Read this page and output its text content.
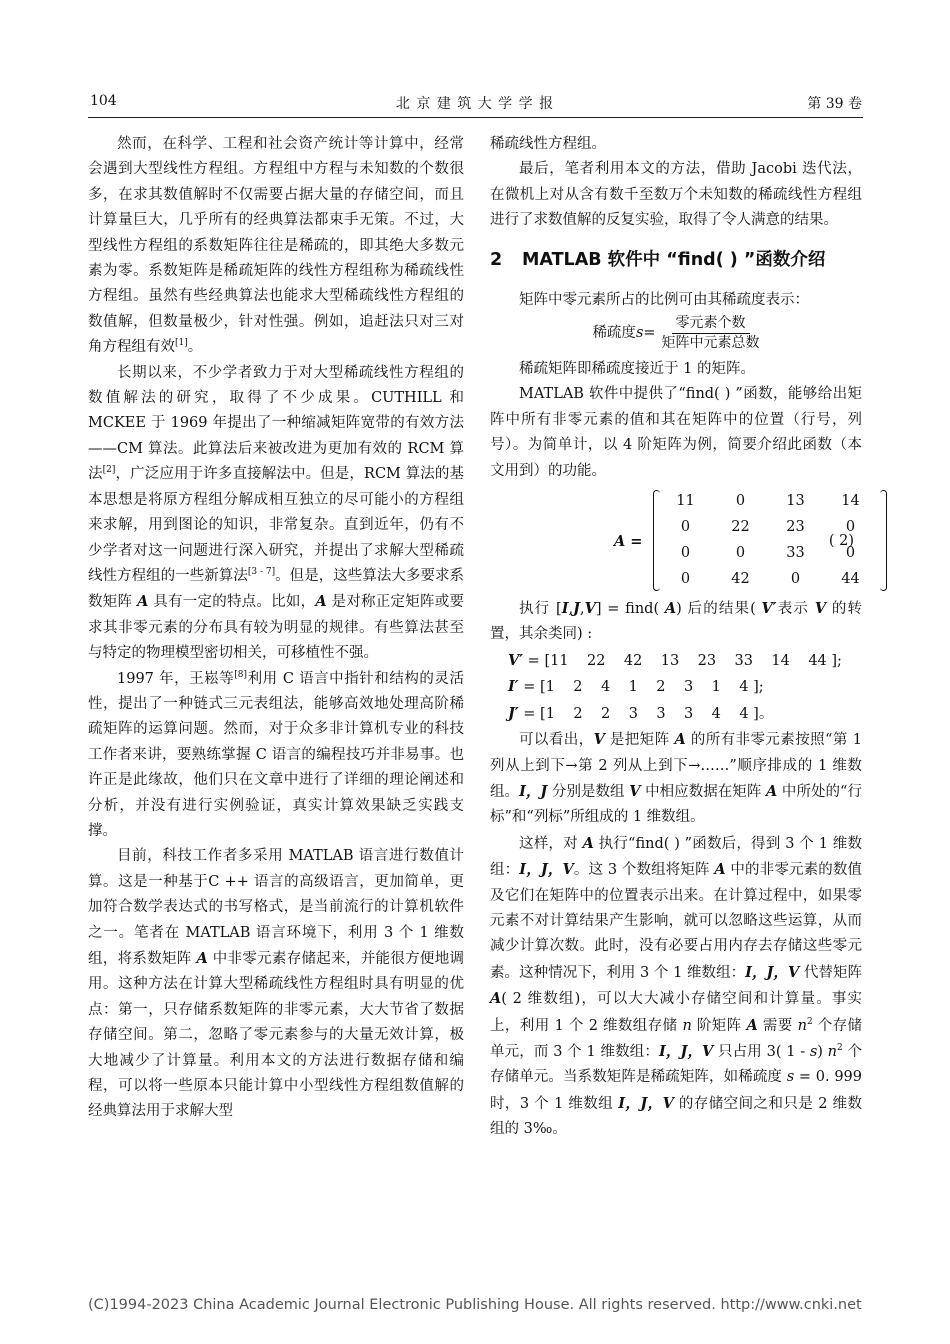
104	北 京 建 筑 大 学 学 报	第 39 卷

然而，在科学、工程和社会资产统计等计算中，经常会遇到大型线性方程组。方程组中方程与未知数的个数很多，在求其数值解时不仅需要占据大量的存储空间，而且计算量巨大，几乎所有的经典算法都束手无策。不过，大型线性方程组的系数矩阵往往是稀疏的，即其绝大多数元素为零。系数矩阵是稀疏矩阵的线性方程组称为稀疏线性方程组。虽然有些经典算法也能求大型稀疏线性方程组的数值解，但数量极少，针对性强。例如，追赶法只对三对角方程组有效[1]。

长期以来，不少学者致力于对大型稀疏线性方程组的数值解法的研究，取得了不少成果。CUTHILL 和 MCKEE 于 1969 年提出了一种缩减矩阵宽带的有效方法——CM 算法。此算法后来被改进为更加有效的 RCM 算法[2]，广泛应用于许多直接解法中。但是，RCM 算法的基本思想是将原方程组分解成相互独立的尽可能小的方程组来求解，用到图论的知识，非常复杂。直到近年，仍有不少学者对这一问题进行深入研究，并提出了求解大型稀疏线性方程组的一些新算法[3 - 7]。但是，这些算法大多要求系数矩阵 A 具有一定的特点。比如，A 是对称正定矩阵或要求其非零元素的分布具有较为明显的规律。有些算法甚至与特定的物理模型密切相关，可移植性不强。

1997 年，王崧等[8]利用 C 语言中指针和结构的灵活性，提出了一种链式三元表组法，能够高效地处理高阶稀疏矩阵的运算问题。然而，对于众多非计算机专业的科技工作者来讲，要熟练掌握 C 语言的编程技巧并非易事。也许正是此缘故，他们只在文章中进行了详细的理论阐述和分析，并没有进行实例验证，真实计算效果缺乏实践支撑。

目前，科技工作者多采用 MATLAB 语言进行数值计算。这是一种基于C ++ 语言的高级语言，更加简单，更加符合数学表达式的书写格式，是当前流行的计算机软件之一。笔者在 MATLAB 语言环境下，利用 3 个 1 维数组，将系数矩阵 A 中非零元素存储起来，并能很方便地调用。这种方法在计算大型稀疏线性方程组时具有明显的优点：第一，只存储系数矩阵的非零元素，大大节省了数据存储空间。第二，忽略了零元素参与的大量无效计算，极大地减少了计算量。利用本文的方法进行数据存储和编程，可以将一些原本只能计算中小型线性方程组数值解的经典算法用于求解大型

稀疏线性方程组。

最后，笔者利用本文的方法，借助 Jacobi 迭代法，在微机上对从含有数千至数万个未知数的稀疏线性方程组进行了求数值解的反复实验，取得了令人满意的结果。

2 MATLAB 软件中 “find( ) ”函数介绍

矩阵中零元素所占的比例可由其稀疏度表示：

稀疏度 $s = \frac{\text{零元素个数}}{\text{矩阵中元素总数}}$

稀疏矩阵即稀疏度接近于 1 的矩阵。

MATLAB 软件中提供了“find( ) ”函数，能够给出矩阵中所有非零元素的值和其在矩阵中的位置（行号，列号）。为简单计，以 4 阶矩阵为例，简要介绍此函数（本文用到）的功能。

A =
11	0	13	14
0	22	23	0
0	0	33	0
0	42	0	44
( 2)

执行 [I,J,V] = find( A) 后的结果( V′表示 V 的转置，其余类同) :

V′ = [11    22    42    13    23    33    14    44 ];

I′ = [1    2    4    1    2    3    1    4 ];

J′ = [1    2    2    3    3    3    4    4 ]。

可以看出，V 是把矩阵 A 的所有非零元素按照“第 1 列从上到下→第 2 列从上到下→……”顺序排成的 1 维数组。I，J 分别是数组 V 中相应数据在矩阵 A 中所处的“行标”和“列标”所组成的 1 维数组。

这样，对 A 执行“find( ) ”函数后，得到 3 个 1 维数组：I，J，V。这 3 个数组将矩阵 A 中的非零元素的数值及它们在矩阵中的位置表示出来。在计算过程中，如果零元素不对计算结果产生影响，就可以忽略这些运算，从而减少计算次数。此时，没有必要占用内存去存储这些零元素。这种情况下，利用 3 个 1 维数组：I，J，V 代替矩阵 A( 2 维数组)，可以大大减小存储空间和计算量。事实上，利用 1 个 2 维数组存储 n 阶矩阵 A 需要 $n^2$ 个存储单元，而 3 个 1 维数组：I，J，V 只占用 3( 1 - s) $n^2$ 个存储单元。当系数矩阵是稀疏矩阵，如稀疏度 s = 0. 999 时，3 个 1 维数组 I，J，V 的存储空间之和只是 2 维数组的 3‰。

(C)1994-2023 China Academic Journal Electronic Publishing House. All rights reserved. http://www.cnki.net
